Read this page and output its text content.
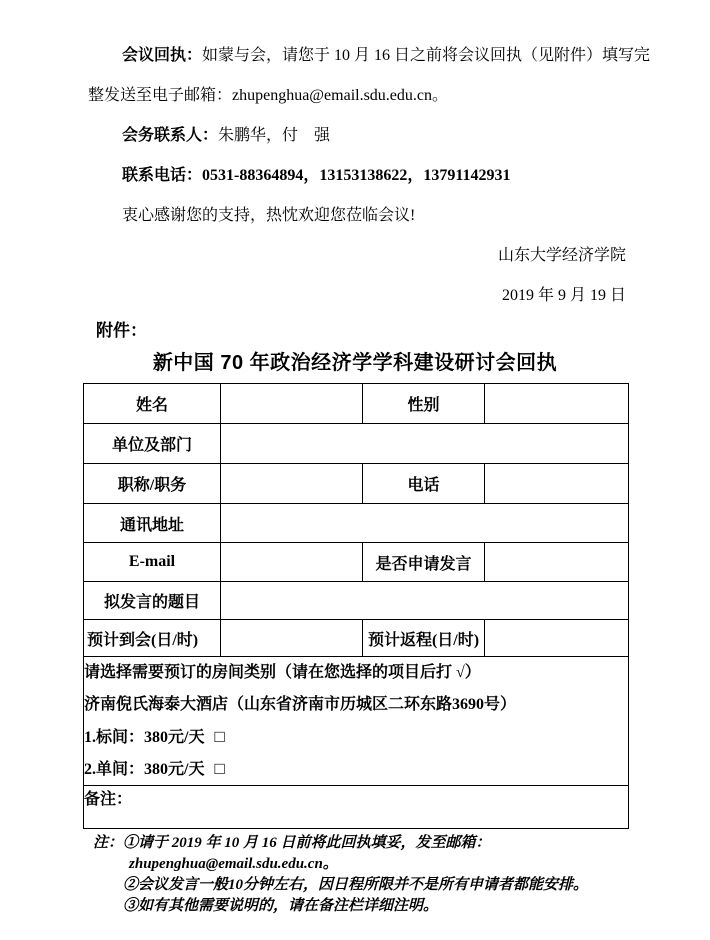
会议回执：如蒙与会，请您于 10 月 16 日之前将会议回执（见附件）填写完

整发送至电子邮箱：zhupenghua@email.sdu.edu.cn。

会务联系人：朱鹏华，付　强

联系电话：0531-88364894，13153138622，13791142931

衷心感谢您的支持，热忱欢迎您莅临会议!

山东大学经济学院

2019 年 9 月 19 日

附件：

新中国 70 年政治经济学学科建设研讨会回执
姓名		性别	
单位及部门			
职称/职务		电话	
通讯地址			
E-mail		是否申请发言	
拟发言的题目			
预计到会(日/时)		预计返程(日/时)	

请选择需要预订的房间类别（请在您选择的项目后打 √）
济南倪氏海泰大酒店（山东省济南市历城区二环东路3690号）
1.标间：380元/天 □
2.单间：380元/天 □			

备注：			
注： ①请于 2019 年 10 月 16 日前将此回执填妥，发至邮箱：
zhupenghua@email.sdu.edu.cn。
②会议发言一般10分钟左右，因日程所限并不是所有申请者都能安排。
③如有其他需要说明的，请在备注栏详细注明。
